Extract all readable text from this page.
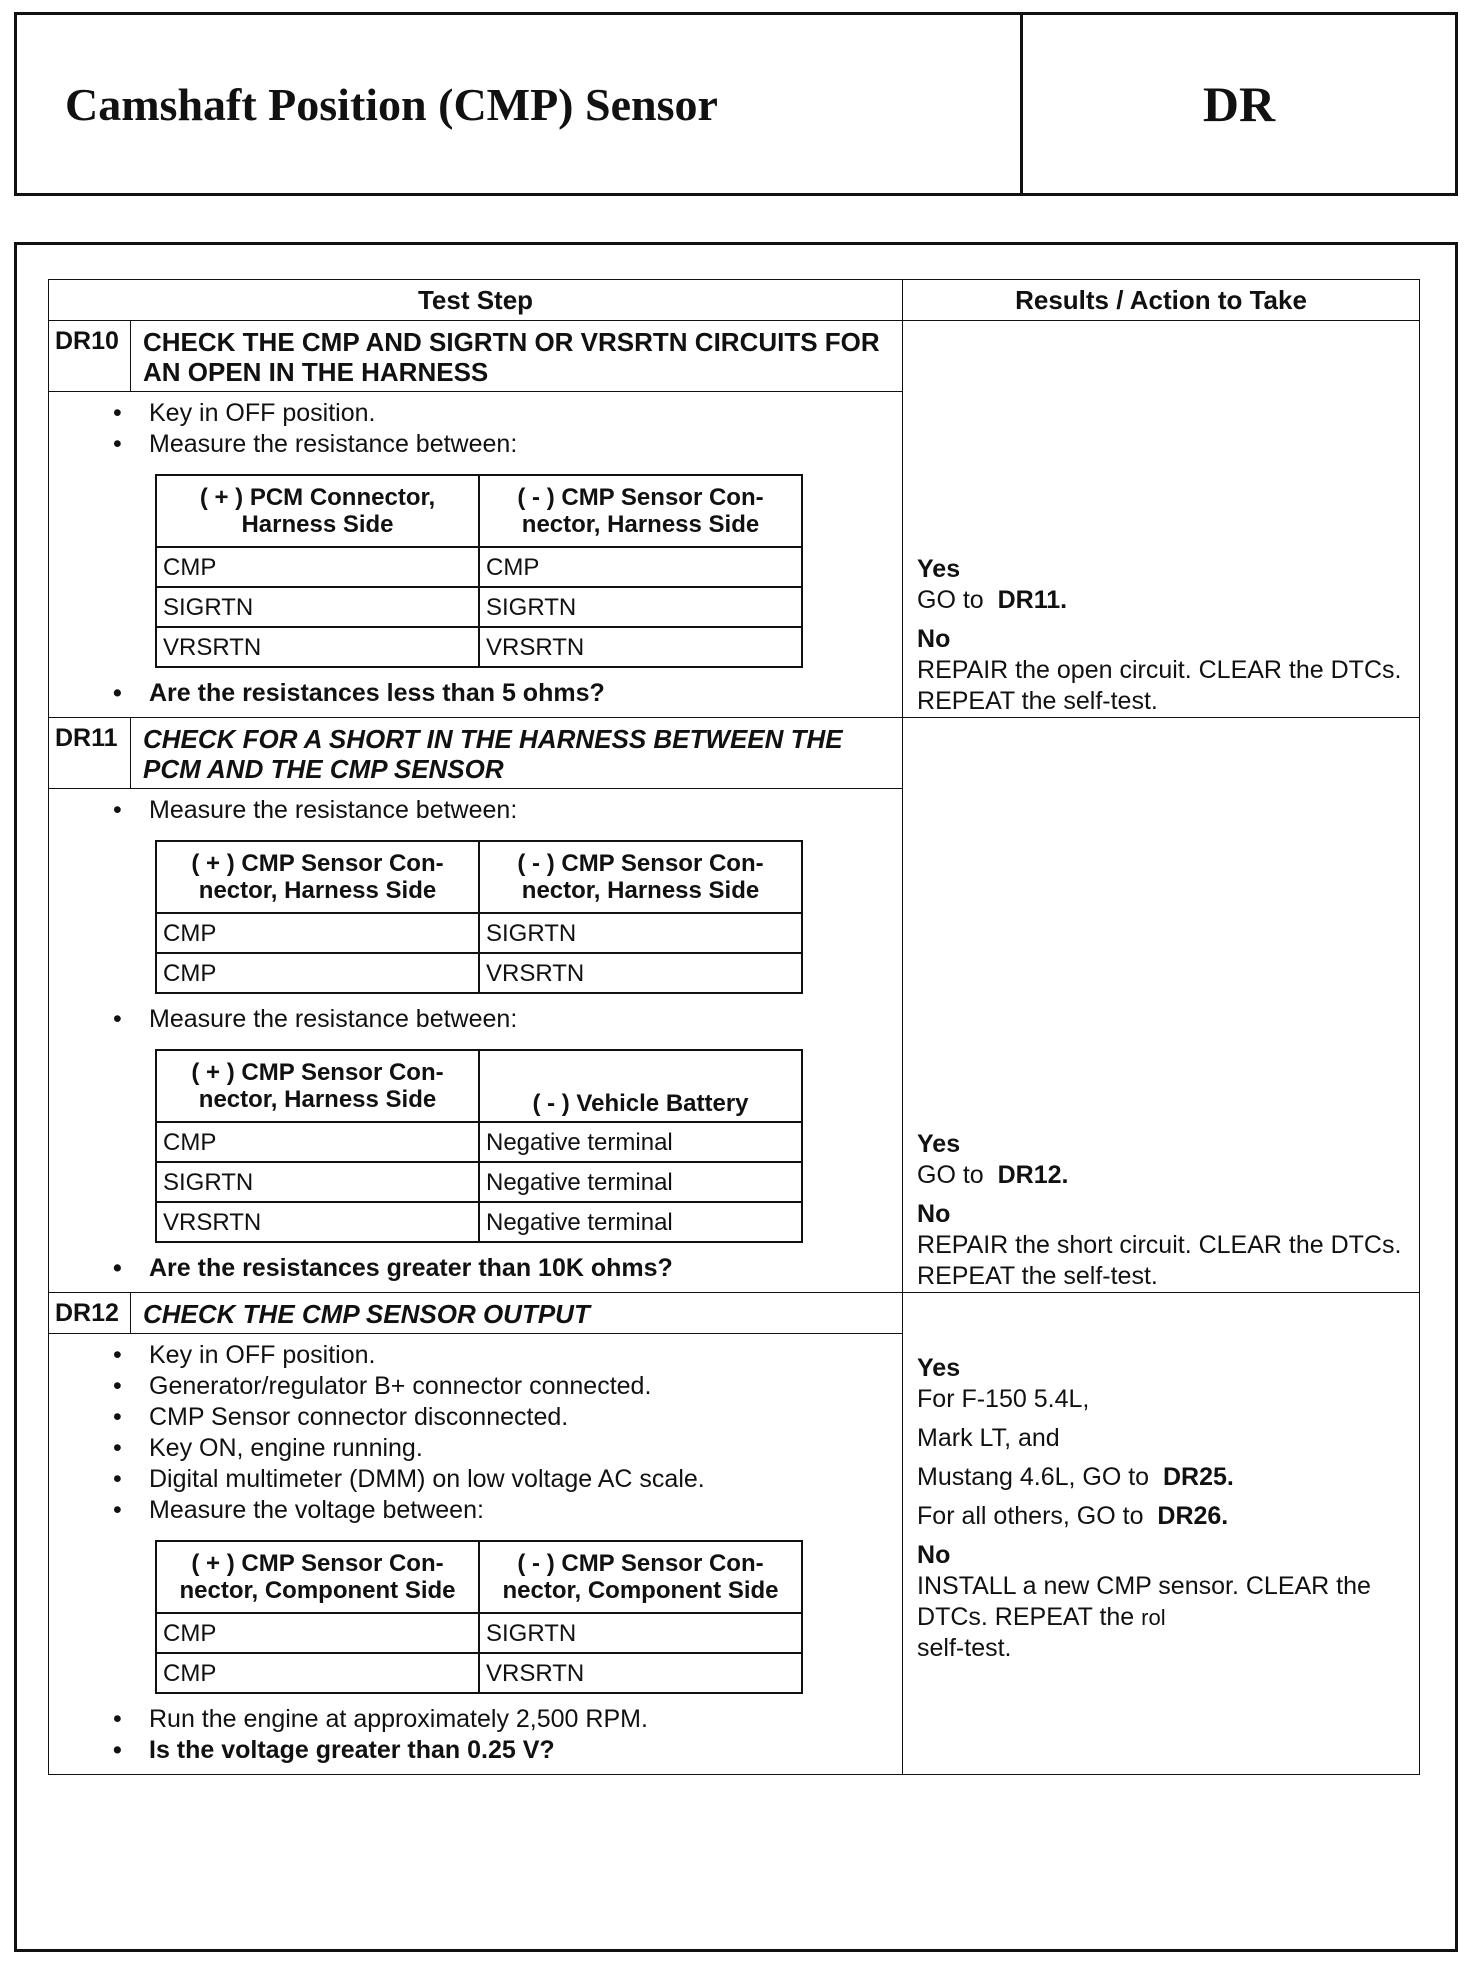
Camshaft Position (CMP) Sensor	DR
Test Step	Results / Action to Take
DR10	CHECK THE CMP AND SIGRTN OR VRSRTN CIRCUITS FOR AN OPEN IN THE HARNESS	

Yes

GO to DR11.

No

REPAIR the open circuit. CLEAR the DTCs. REPEAT the self-test.

• Key in OFF position.
• Measure the resistance between:
( + ) PCM Connector, Harness Side	( - ) CMP Sensor Con-nector, Harness Side
CMP	CMP
SIGRTN	SIGRTN
VRSRTN	VRSRTN
• Are the resistances less than 5 ohms?

DR11	CHECK FOR A SHORT IN THE HARNESS BETWEEN THE PCM AND THE CMP SENSOR	

Yes

GO to DR12.

No

REPAIR the short circuit. CLEAR the DTCs. REPEAT the self-test.

• Measure the resistance between:
( + ) CMP Sensor Con-nector, Harness Side	( - ) CMP Sensor Con-nector, Harness Side
CMP	SIGRTN
CMP	VRSRTN
• Measure the resistance between:
( + ) CMP Sensor Con-nector, Harness Side	( - ) Vehicle Battery
CMP	Negative terminal
SIGRTN	Negative terminal
VRSRTN	Negative terminal
• Are the resistances greater than 10K ohms?

DR12	CHECK THE CMP SENSOR OUTPUT	

Yes

For F-150 5.4L,

Mark LT, and

Mustang 4.6L, GO to DR25.

For all others, GO to DR26.

No

INSTALL a new CMP sensor. CLEAR the DTCs. REPEAT the rol

self-test.

• Key in OFF position.
• Generator/regulator B+ connector connected.
• CMP Sensor connector disconnected.
• Key ON, engine running.
• Digital multimeter (DMM) on low voltage AC scale.
• Measure the voltage between:
( + ) CMP Sensor Con-nector, Component Side	( - ) CMP Sensor Con-nector, Component Side
CMP	SIGRTN
CMP	VRSRTN
• Run the engine at approximately 2,500 RPM.
• Is the voltage greater than 0.25 V?
